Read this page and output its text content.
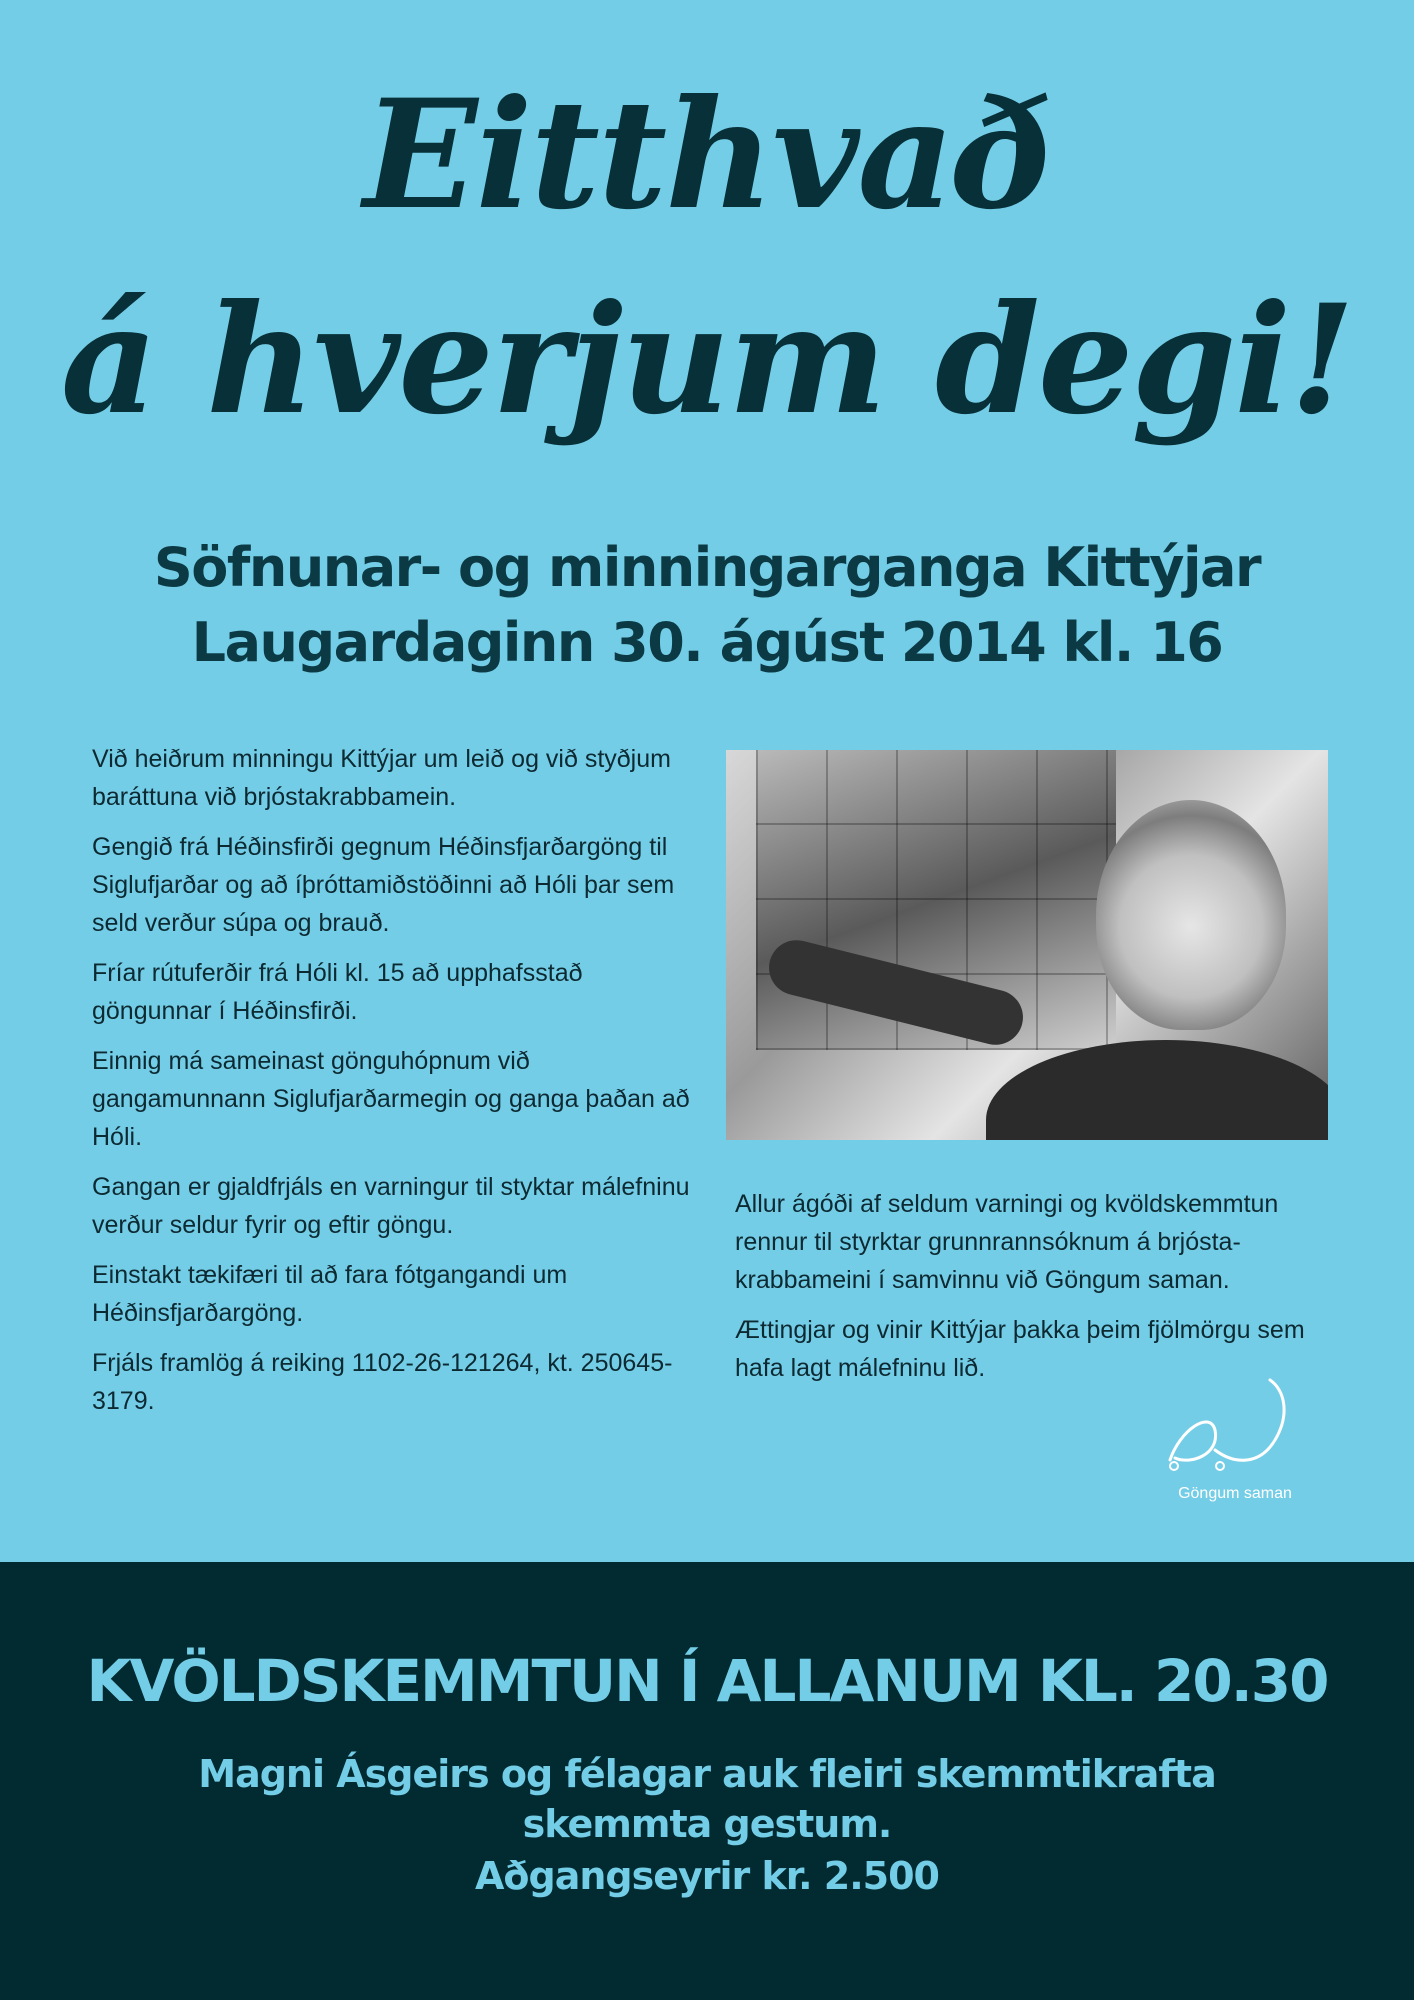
Eitthvað
á hverjum degi!
Söfnunar- og minningarganga Kittýjar
Laugardaginn 30. ágúst 2014 kl. 16

Við heiðrum minningu Kittýjar um leið og við styðjum baráttuna við brjóstakrabbamein.

Gengið frá Héðinsfirði gegnum Héðinsfjarðargöng til Siglufjarðar og að íþróttamiðstöðinni að Hóli þar sem seld verður súpa og brauð.

Fríar rútuferðir frá Hóli kl. 15 að upphafsstað göngunnar í Héðinsfirði.

Einnig má sameinast gönguhópnum við gangamunnann Siglufjarðarmegin og ganga þaðan að Hóli.

Gangan er gjaldfrjáls en varningur til styktar málefninu verður seldur fyrir og eftir göngu.

Einstakt tækifæri til að fara fótgangandi um Héðinsfjarðargöng.

Frjáls framlög á reiking 1102-26-121264, kt. 250645-3179.

Allur ágóði af seldum varningi og kvöldskemmtun rennur til styrktar grunnrannsóknum á brjósta-krabbameini í samvinnu við Göngum saman.

Ættingjar og vinir Kittýjar þakka þeim fjölmörgu sem hafa lagt málefninu lið.

Göngum saman
KVÖLDSKEMMTUN Í ALLANUM KL. 20.30
Magni Ásgeirs og félagar auk fleiri skemmtikrafta
skemmta gestum.
Aðgangseyrir kr. 2.500
